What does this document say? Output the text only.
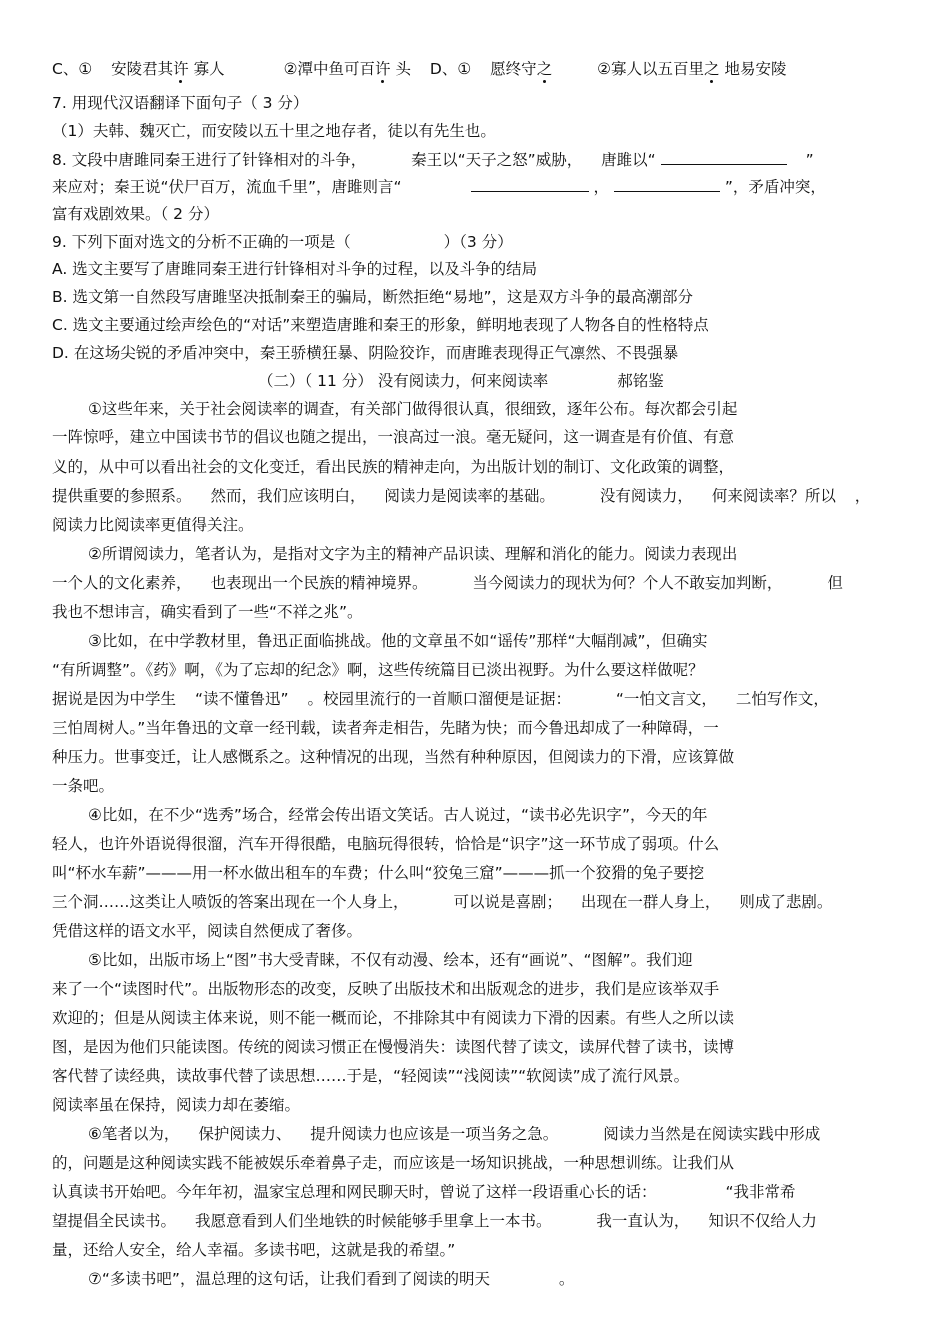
C、① 安陵君其许 寡人	②潭中鱼可百许 头 D、① 愿终守之	②寡人以五百里之 地易安陵
7. 用现代汉语翻译下面句子（ 3 分）
（1）夫韩、魏灭亡，而安陵以五十里之地存者，徒以有先生也。
8. 文段中唐雎同秦王进行了针锋相对的斗争，	秦王以“天子之怒”威胁， 唐雎以“	”
来应对；秦王说“伏尸百万，流血千里”，唐雎则言“	，	”，矛盾冲突，
富有戏剧效果。（ 2 分）
9. 下列下面对选文的分析不正确的一项是（	）（3 分）
A. 选文主要写了唐雎同秦王进行针锋相对斗争的过程，以及斗争的结局
B. 选文第一自然段写唐雎坚决抵制秦王的骗局，断然拒绝“易地”，这是双方斗争的最高潮部分
C. 选文主要通过绘声绘色的“对话”来塑造唐雎和秦王的形象，鲜明地表现了人物各自的性格特点
D. 在这场尖锐的矛盾冲突中，秦王骄横狂暴、阴险狡诈，而唐雎表现得正气凛然、不畏强暴
（二）（ 11 分） 没有阅读力，何来阅读率	郝铭鉴
①这些年来，关于社会阅读率的调查，有关部门做得很认真，很细致，逐年公布。每次都会引起
一阵惊呼，建立中国读书节的倡议也随之提出，一浪高过一浪。毫无疑问，这一调查是有价值、有意
义的，从中可以看出社会的文化变迁，看出民族的精神走向，为出版计划的制订、文化政策的调整，
提供重要的参照系。 然而，我们应该明白， 阅读力是阅读率的基础。	没有阅读力， 何来阅读率？所以 ，
阅读力比阅读率更值得关注。
②所谓阅读力，笔者认为，是指对文字为主的精神产品识读、理解和消化的能力。阅读力表现出
一个人的文化素养， 也表现出一个民族的精神境界。	当今阅读力的现状为何？个人不敢妄加判断，	但
我也不想讳言，确实看到了一些“不祥之兆”。
③比如，在中学教材里，鲁迅正面临挑战。他的文章虽不如“谣传”那样“大幅削减”，但确实
“有所调整”。《药》啊，《为了忘却的纪念》啊，这些传统篇目已淡出视野。为什么要这样做呢？
据说是因为中学生 “读不懂鲁迅” 。校园里流行的一首顺口溜便是证据：	“一怕文言文， 二怕写作文，
三怕周树人。”当年鲁迅的文章一经刊载，读者奔走相告，先睹为快；而今鲁迅却成了一种障碍，一
种压力。世事变迁，让人感慨系之。这种情况的出现，当然有种种原因，但阅读力的下滑，应该算做
一条吧。
④比如，在不少“选秀”场合，经常会传出语文笑话。古人说过，“读书必先识字”，今天的年
轻人，也许外语说得很溜，汽车开得很酷，电脑玩得很转，恰恰是“识字”这一环节成了弱项。什么
叫“杯水车薪”———用一杯水做出租车的车费；什么叫“狡兔三窟”———抓一个狡猾的兔子要挖
三个洞……这类让人喷饭的答案出现在一个人身上，	可以说是喜剧； 出现在一群人身上， 则成了悲剧。
凭借这样的语文水平，阅读自然便成了奢侈。
⑤比如，出版市场上“图”书大受青睐，不仅有动漫、绘本，还有“画说”、“图解”。我们迎
来了一个“读图时代”。出版物形态的改变，反映了出版技术和出版观念的进步，我们是应该举双手
欢迎的；但是从阅读主体来说，则不能一概而论，不排除其中有阅读力下滑的因素。有些人之所以读
图，是因为他们只能读图。传统的阅读习惯正在慢慢消失：读图代替了读文，读屏代替了读书，读博
客代替了读经典，读故事代替了读思想……于是，“轻阅读”“浅阅读”“软阅读”成了流行风景。
阅读率虽在保持，阅读力却在萎缩。
⑥笔者以为， 保护阅读力、 提升阅读力也应该是一项当务之急。	阅读力当然是在阅读实践中形成
的，问题是这种阅读实践不能被娱乐牵着鼻子走，而应该是一场知识挑战，一种思想训练。让我们从
认真读书开始吧。今年年初，温家宝总理和网民聊天时，曾说了这样一段语重心长的话：	“我非常希
望提倡全民读书。 我愿意看到人们坐地铁的时候能够手里拿上一本书。	我一直认为， 知识不仅给人力
量，还给人安全，给人幸福。多读书吧，这就是我的希望。”
⑦“多读书吧”，温总理的这句话，让我们看到了阅读的明天	。
